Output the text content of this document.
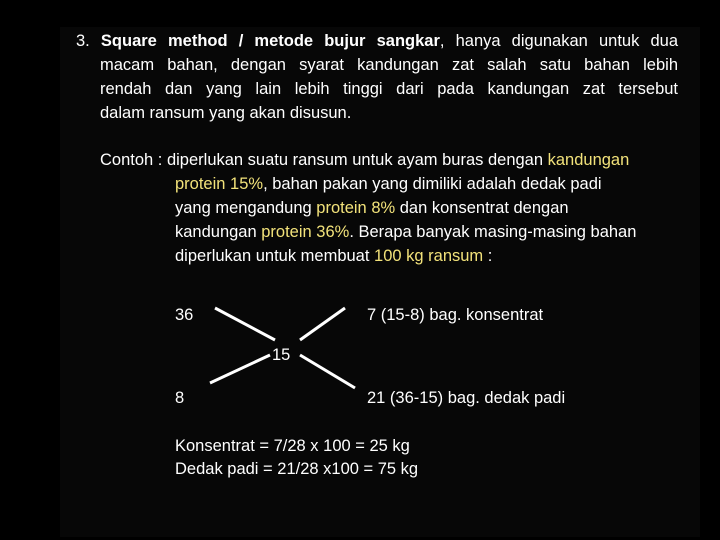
3. Square method / metode bujur sangkar, hanya digunakan untuk dua
macam bahan, dengan syarat kandungan zat salah satu bahan lebih
rendah dan yang lain lebih tinggi dari pada kandungan zat tersebut
dalam ransum yang akan disusun.
Contoh : diperlukan suatu ransum untuk ayam buras dengan kandungan
protein 15%, bahan pakan yang dimiliki adalah dedak padi
yang mengandung protein 8% dan konsentrat dengan
kandungan protein 36%. Berapa banyak masing-masing bahan
diperlukan untuk membuat 100 kg ransum :
36	7 (15-8) bag. konsentrat
15
8	21 (36-15) bag. dedak padi
Konsentrat = 7/28 x 100 = 25 kg
Dedak padi = 21/28 x100 = 75 kg
